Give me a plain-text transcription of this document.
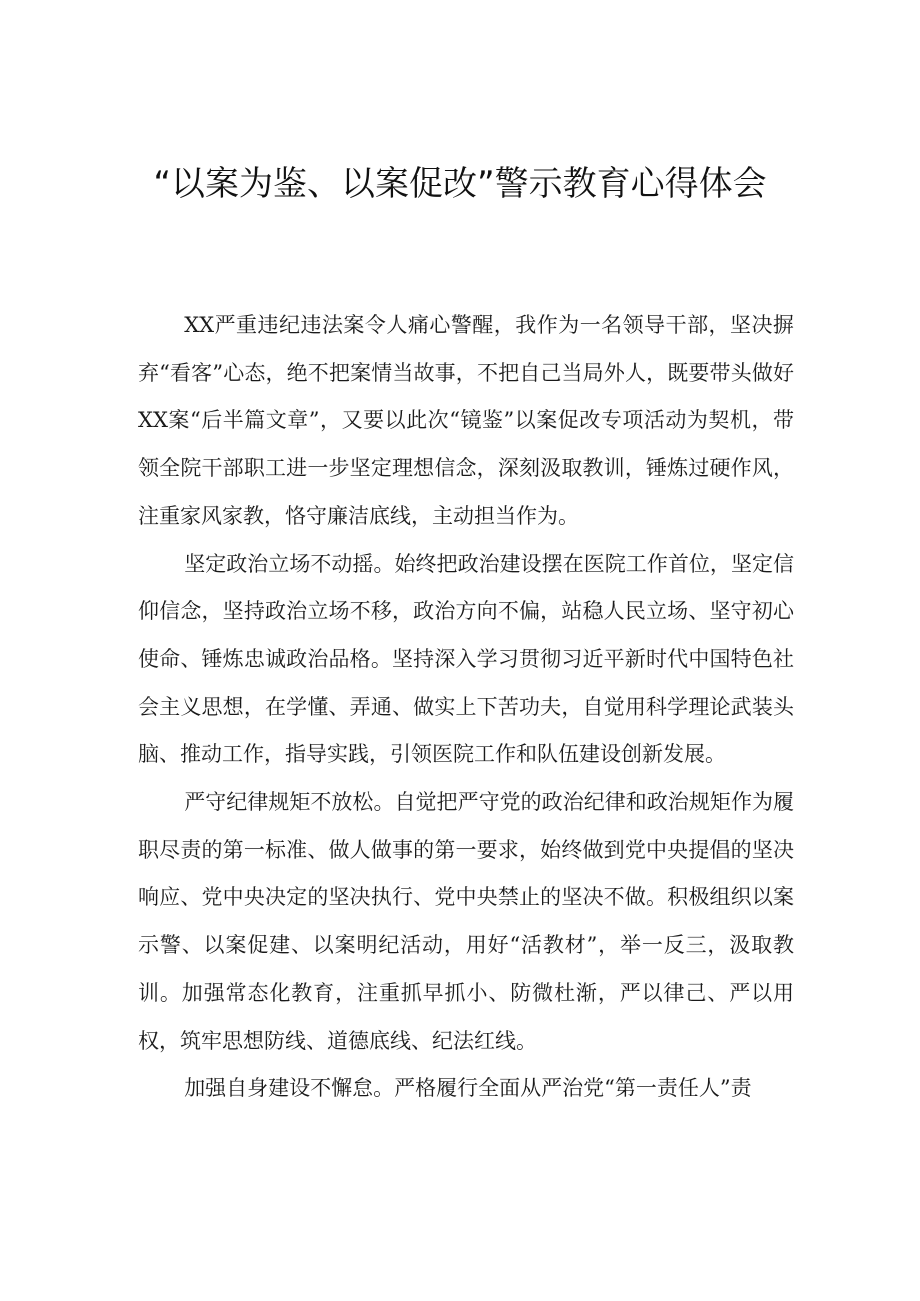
“以案为鉴、以案促改”警示教育心得体会

XX严重违纪违法案令人痛心警醒，我作为一名领导干部，坚决摒弃“看客”心态，绝不把案情当故事，不把自己当局外人，既要带头做好XX案“后半篇文章”，又要以此次“镜鉴”以案促改专项活动为契机，带领全院干部职工进一步坚定理想信念，深刻汲取教训，锤炼过硬作风，注重家风家教，恪守廉洁底线，主动担当作为。

坚定政治立场不动摇。始终把政治建设摆在医院工作首位，坚定信仰信念，坚持政治立场不移，政治方向不偏，站稳人民立场、坚守初心使命、锤炼忠诚政治品格。坚持深入学习贯彻习近平新时代中国特色社会主义思想，在学懂、弄通、做实上下苦功夫，自觉用科学理论武装头脑、推动工作，指导实践，引领医院工作和队伍建设创新发展。

严守纪律规矩不放松。自觉把严守党的政治纪律和政治规矩作为履职尽责的第一标准、做人做事的第一要求，始终做到党中央提倡的坚决响应、党中央决定的坚决执行、党中央禁止的坚决不做。积极组织以案示警、以案促建、以案明纪活动，用好“活教材”，举一反三，汲取教训。加强常态化教育，注重抓早抓小、防微杜渐，严以律己、严以用权，筑牢思想防线、道德底线、纪法红线。

加强自身建设不懈怠。严格履行全面从严治党“第一责任人”责
